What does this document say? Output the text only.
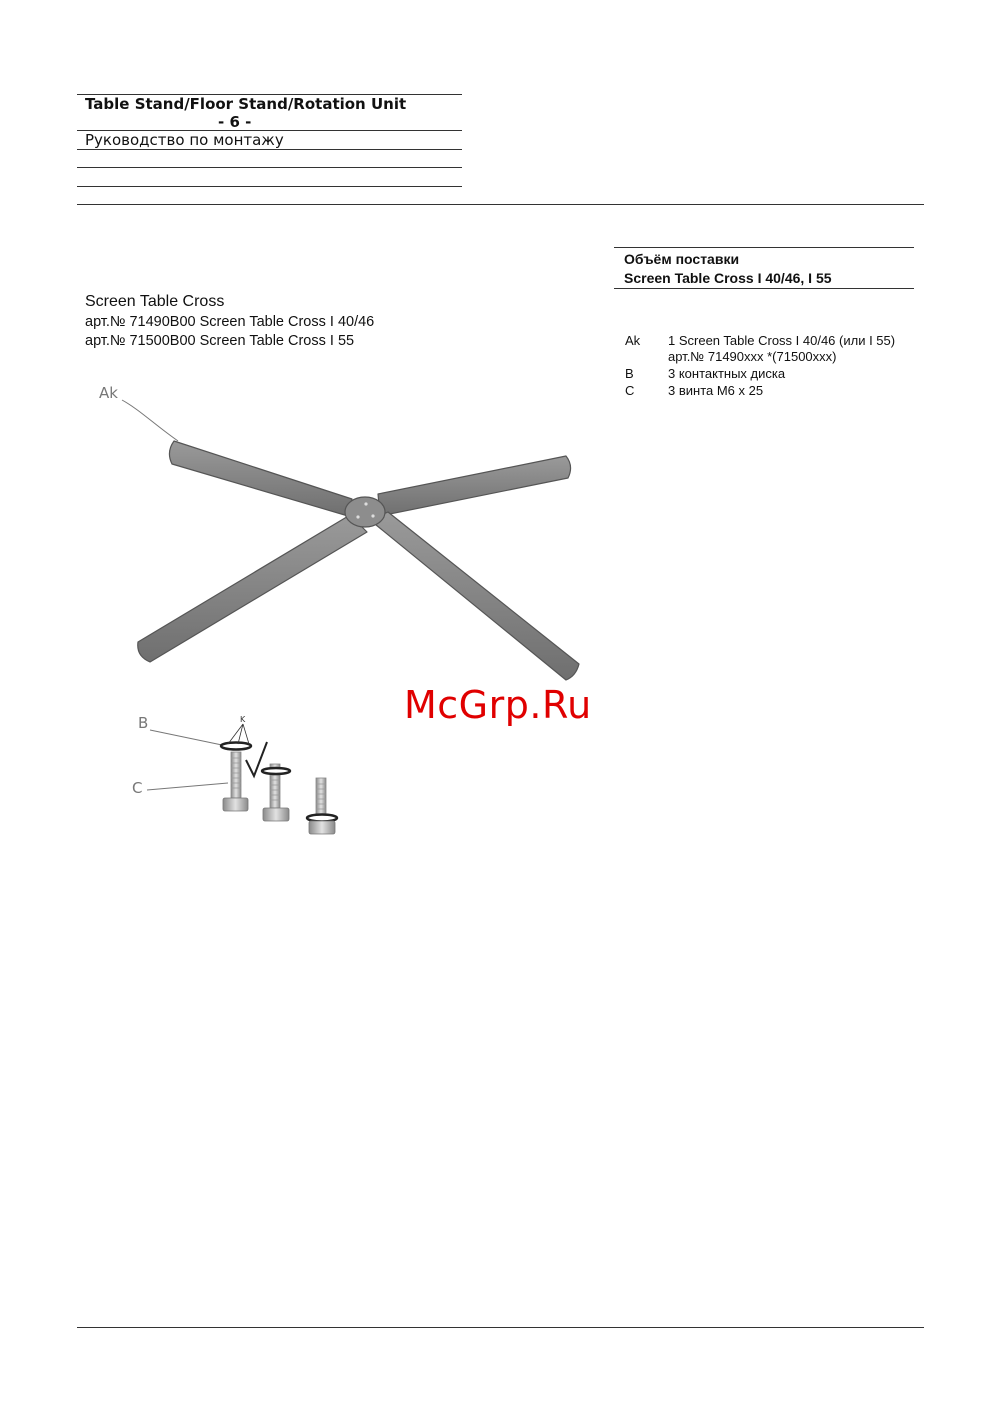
Table Stand/Floor Stand/Rotation Unit
- 6 -
Руководство по монтажу
Screen Table Cross
арт.№ 71490B00 Screen Table Cross I 40/46
арт.№ 71500B00 Screen Table Cross I 55
Объём поставки
Screen Table Cross I 40/46, I 55
Ak 1 Screen Table Cross I 40/46 (или I 55)
арт.№ 71490xxx *(71500xxx)
B	3 контактных диска
C	3 винта M6 x 25
Ak
B	K
C
McGrp.Ru
